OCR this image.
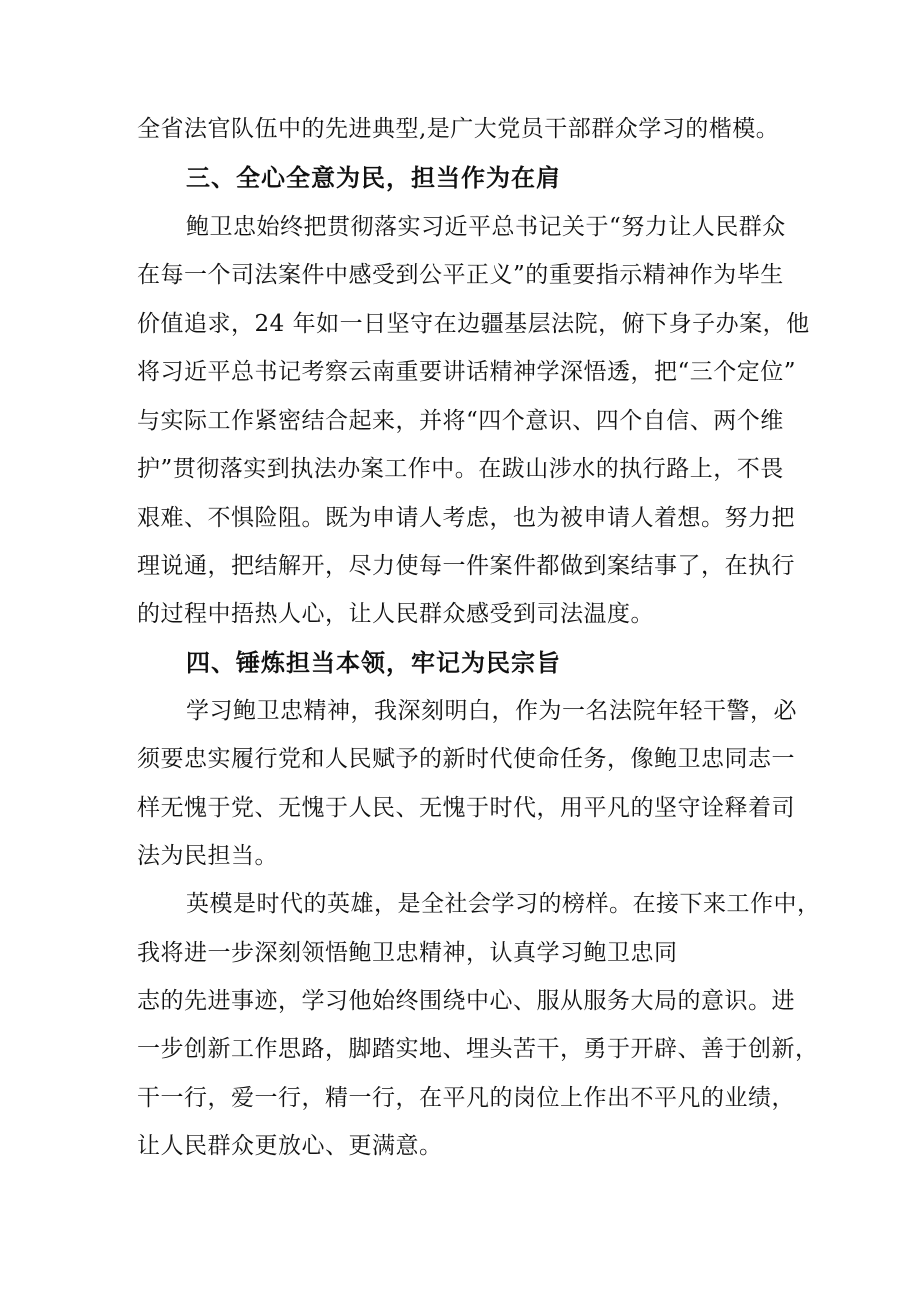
全省法官队伍中的先进典型,是广大党员干部群众学习的楷模。
三、全心全意为民，担当作为在肩
鲍卫忠始终把贯彻落实习近平总书记关于“努力让人民群众
在每一个司法案件中感受到公平正义”的重要指示精神作为毕生
价值追求，24 年如一日坚守在边疆基层法院，俯下身子办案，他
将习近平总书记考察云南重要讲话精神学深悟透，把“三个定位”
与实际工作紧密结合起来，并将“四个意识、四个自信、两个维
护”贯彻落实到执法办案工作中。在跋山涉水的执行路上，不畏
艰难、不惧险阻。既为申请人考虑，也为被申请人着想。努力把
理说通，把结解开，尽力使每一件案件都做到案结事了，在执行
的过程中捂热人心，让人民群众感受到司法温度。
四、锤炼担当本领，牢记为民宗旨
学习鲍卫忠精神，我深刻明白，作为一名法院年轻干警，必
须要忠实履行党和人民赋予的新时代使命任务，像鲍卫忠同志一
样无愧于党、无愧于人民、无愧于时代，用平凡的坚守诠释着司
法为民担当。
英模是时代的英雄，是全社会学习的榜样。在接下来工作中，
我将进一步深刻领悟鲍卫忠精神，认真学习鲍卫忠同
志的先进事迹，学习他始终围绕中心、服从服务大局的意识。进
一步创新工作思路，脚踏实地、埋头苦干，勇于开辟、善于创新，
干一行，爱一行，精一行，在平凡的岗位上作出不平凡的业绩，
让人民群众更放心、更满意。
